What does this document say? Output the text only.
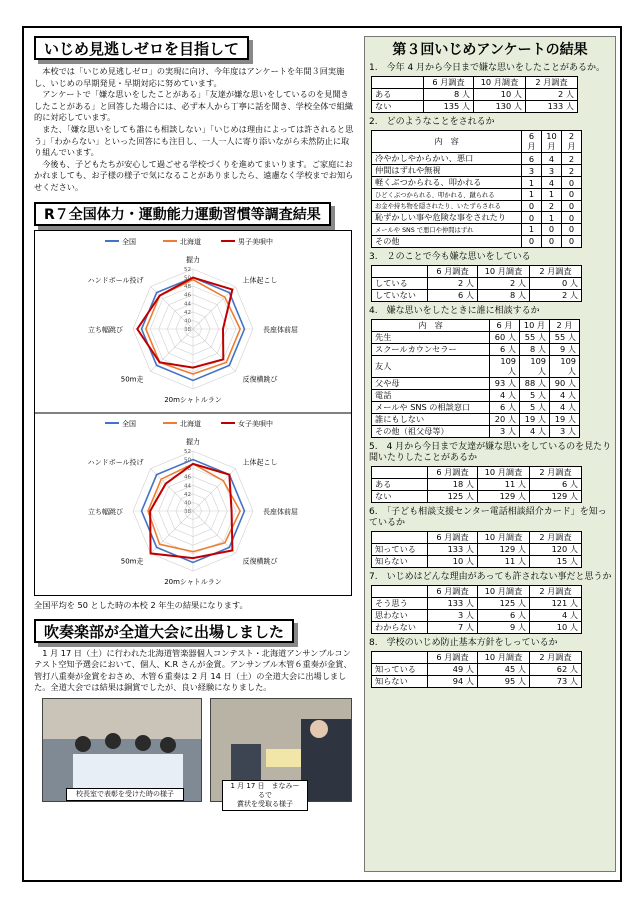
いじめ見逃しゼロを目指して

本校では「いじめ見逃しゼロ」の実現に向け、今年度はアンケートを年間３回実施し、いじめの早期発見・早期対応に努めています。

アンケートで「嫌な思いをしたことがある」「友達が嫌な思いをしているのを見聞きしたことがある」と回答した場合には、必ず本人から丁寧に話を聞き、学校全体で組織的に対応しています。

また、「嫌な思いをしても誰にも相談しない」「いじめは理由によっては許されると思う」「わからない」といった回答にも注目し、一人一人に寄り添いながら未然防止に取り組んでいます。

今後も、子どもたちが安心して過ごせる学校づくりを進めてまいります。ご家庭におかれましても、お子様の様子で気になることがありましたら、遠慮なく学校までお知らせください。

R７全国体力・運動能力運動習慣等調査結果
全国	北海道	男子美唄中
38
40
42
44
46
48
50
52
握力
上体起こし
長座体前屈
反復横跳び
20mシャトルラン
50m走
立ち幅跳び
ハンドボール投げ
全国	北海道	女子美唄中
38
40
42
44
46
48
50
52
握力
上体起こし
長座体前屈
反復横跳び
20mシャトルラン
50m走
立ち幅跳び
ハンドボール投げ
全国平均を 50 とした時の本校 2 年生の結果になります。
吹奏楽部が全道大会に出場しました

1 月 17 日（土）に行われた北海道管楽器個人コンテスト・北海道アンサンブルコンテスト空知予選会において、個人、K.R さんが金賞。アンサンブル木管６重奏が金賞、管打八重奏が金賞をおさめ、木管６重奏は 2 月 14 日（土）の全道大会に出場しました。全道大会では結果は銅賞でしたが、良い経験になりました。

校長室で表彰を受けた時の様子
1 月 17 日　まなみーるで
賞状を受取る様子
第３回いじめアンケートの結果
1.　今年 4 月から今日まで嫌な思いをしたことがあるか。
	6 月調査	10 月調査	2 月調査
ある	8 人	10 人	2 人
ない	135 人	130 人	133 人
2.　どのようなことをされるか
内　容	6月	10月	2月
冷やかしやからかい、悪口	6	4	2
仲間はずれや無視	3	3	2
軽くぶつかられる、叩かれる	1	4	0
ひどくぶつかられる、叩かれる、蹴られる	1	1	0
お金や持ち物を隠されたり、いたずらされる	0	2	0
恥ずかしい事や危険な事をされたり	0	1	0
メールや SNS で悪口や仲間はずれ	1	0	0
その他	0	0	0
3.　２のことで今も嫌な思いをしている
	6 月調査	10 月調査	2 月調査
している	2 人	2 人	0 人
していない	6 人	8 人	2 人
4.　嫌な思いをしたときに誰に相談するか
内　容	6 月	10 月	2 月
先生	60 人	55 人	55 人
スクールカウンセラー	6 人	8 人	9 人
友人	109 人	109 人	109 人
父や母	93 人	88 人	90 人
電話	4 人	5 人	4 人
メールや SNS の相談窓口	6 人	5 人	4 人
誰にもしない	20 人	19 人	19 人
その他（祖父母等）	3 人	4 人	3 人
5.　4 月から今日まで友達が嫌な思いをしているのを見たり聞いたりしたことがあるか
	6 月調査	10 月調査	2 月調査
ある	18 人	11 人	6 人
ない	125 人	129 人	129 人
6.　「子ども相談支援センター電話相談紹介カード」を知っているか
	6 月調査	10 月調査	2 月調査
知っている	133 人	129 人	120 人
知らない	10 人	11 人	15 人
7.　いじめはどんな理由があっても許されない事だと思うか
	6 月調査	10 月調査	2 月調査
そう思う	133 人	125 人	121 人
思わない	3 人	6 人	4 人
わからない	7 人	9 人	10 人
8.　学校のいじめ防止基本方針をしっているか
	6 月調査	10 月調査	2 月調査
知っている	49 人	45 人	62 人
知らない	94 人	95 人	73 人
